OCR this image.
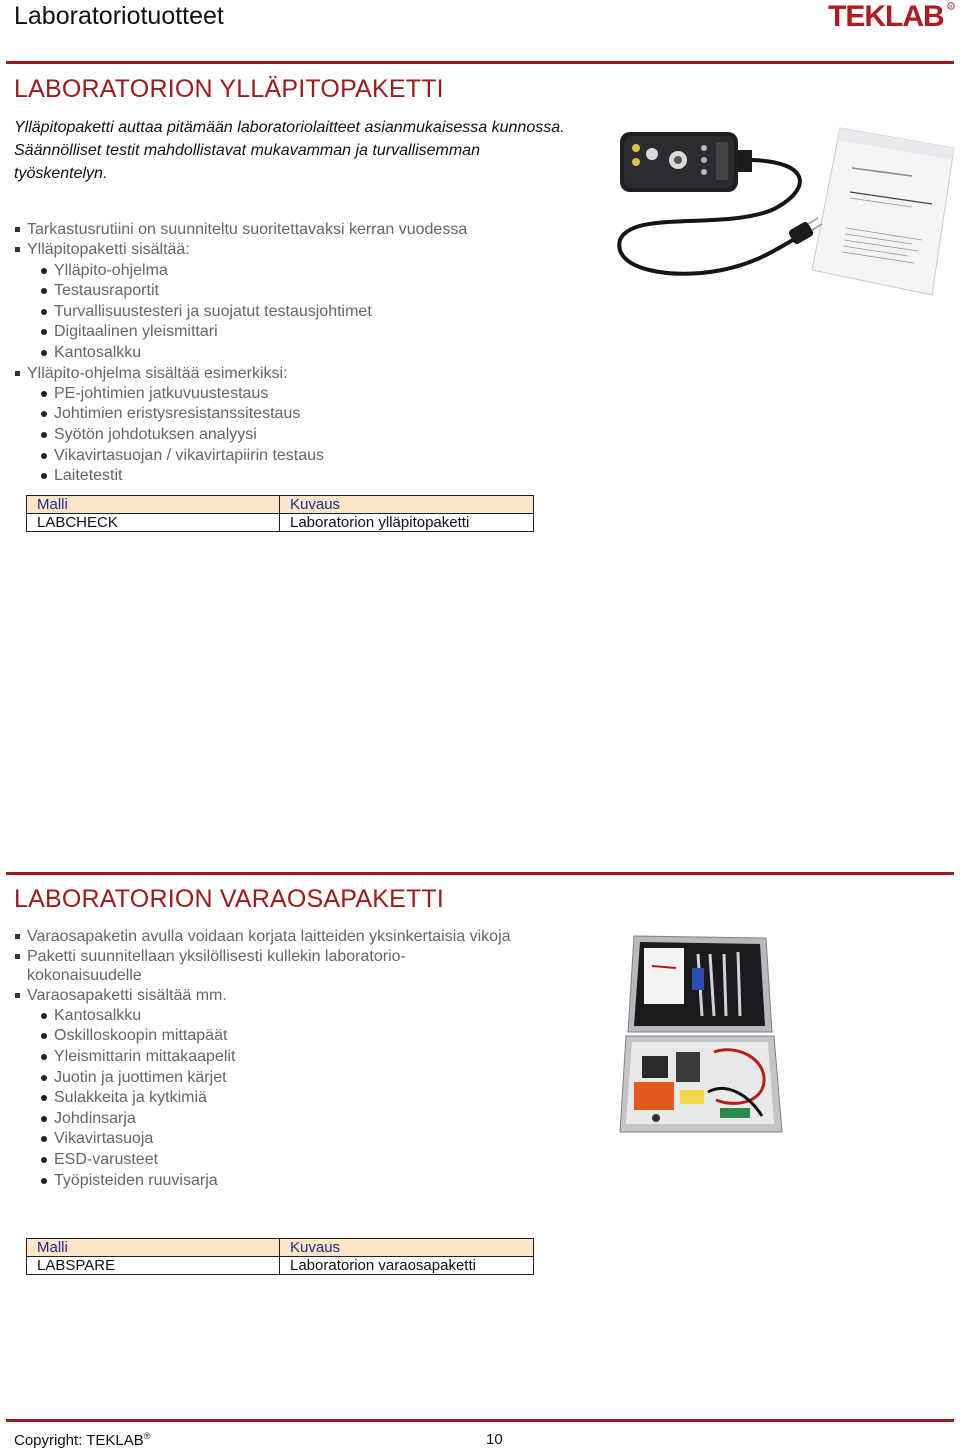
Laboratoriotuotteet	TEKLAB R
LABORATORION YLLÄPITOPAKETTI

Ylläpitopaketti auttaa pitämään laboratoriolaitteet asianmukaisessa kunnossa.

Säännölliset testit mahdollistavat mukavamman ja turvallisemman työskentelyn.

Tarkastusrutiini on suunniteltu suoritettavaksi kerran vuodessa
Ylläpitopaketti sisältää:
Ylläpito-ohjelma
Testausraportit
Turvallisuustesteri ja suojatut testausjohtimet
Digitaalinen yleismittari
Kantosalkku
Ylläpito-ohjelma sisältää esimerkiksi:
PE-johtimien jatkuvuustestaus
Johtimien eristysresistanssitestaus
Syötön johdotuksen analyysi
Vikavirtasuojan / vikavirtapiirin testaus
Laitetestit
Malli	Kuvaus
LABCHECK	Laboratorion ylläpitopaketti
LABORATORION VARAOSAPAKETTI
Varaosapaketin avulla voidaan korjata laitteiden yksinkertaisia vikoja
Paketti suunnitellaan yksilöllisesti kullekin laboratorio-kokonaisuudelle
Varaosapaketti sisältää mm.
Kantosalkku
Oskilloskoopin mittapäät
Yleismittarin mittakaapelit
Juotin ja juottimen kärjet
Sulakkeita ja kytkimiä
Johdinsarja
Vikavirtasuoja
ESD-varusteet
Työpisteiden ruuvisarja
Malli	Kuvaus
LABSPARE	Laboratorion varaosapaketti
Copyright: TEKLAB®	10
